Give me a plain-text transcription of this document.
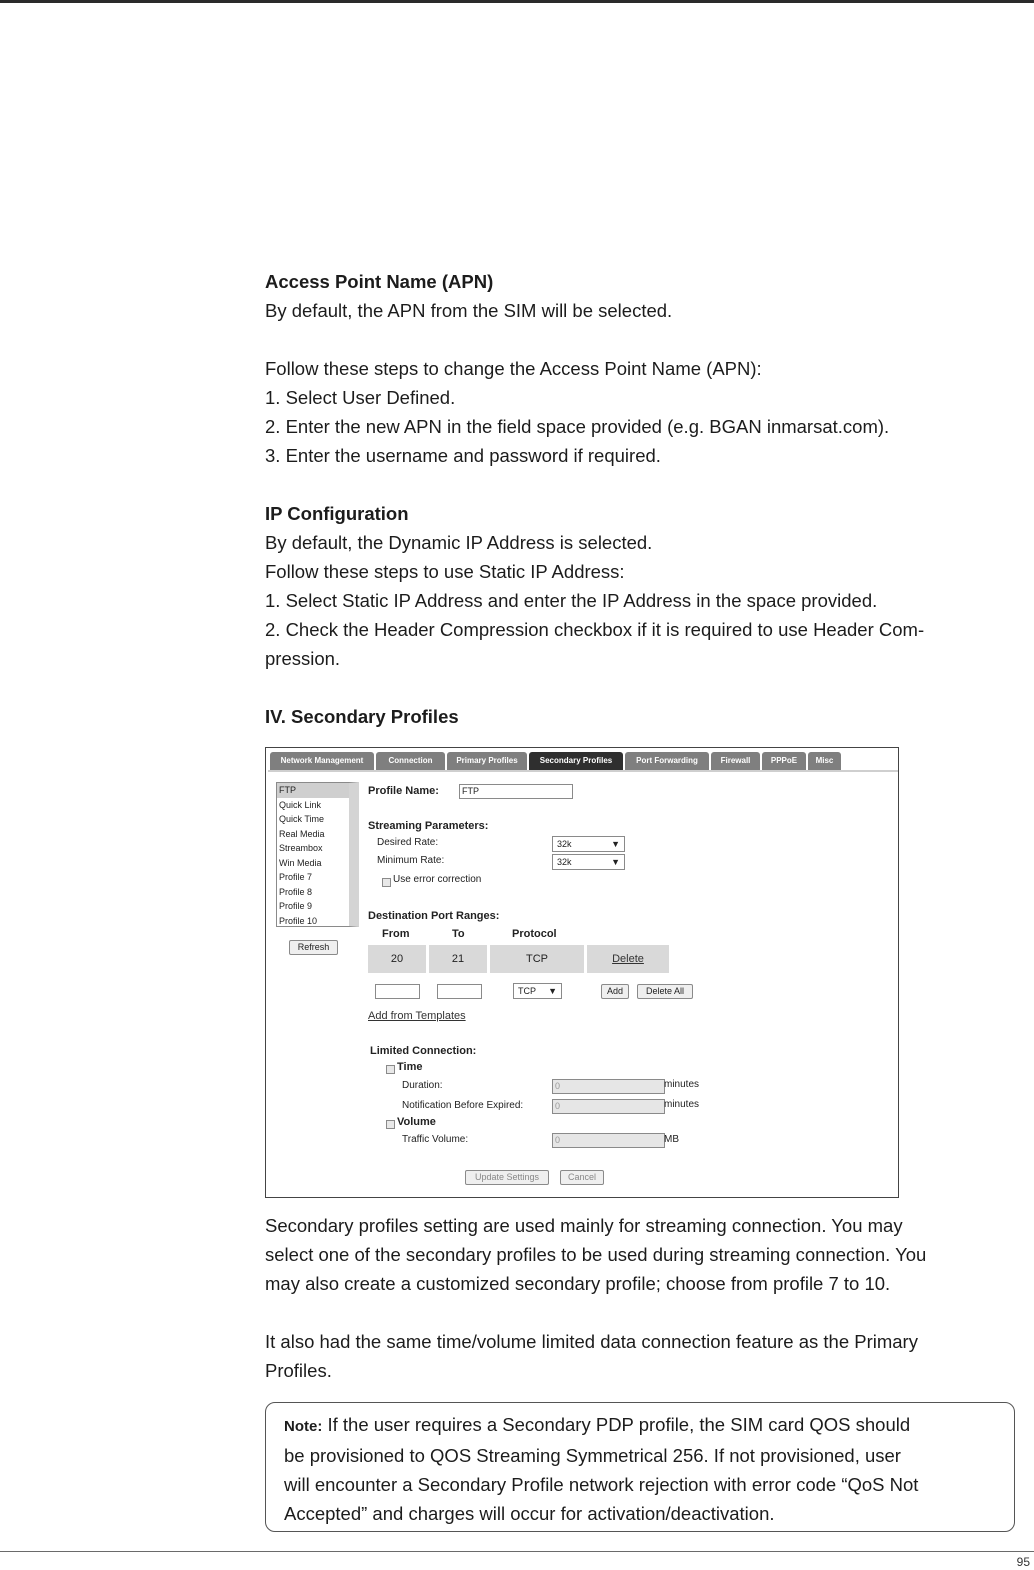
Access Point Name (APN)

By default, the APN from the SIM will be selected.

Follow these steps to change the Access Point Name (APN):

1. Select User Defined.

2. Enter the new APN in the field space provided (e.g. BGAN inmarsat.com).

3. Enter the username and password if required.

IP Configuration

By default, the Dynamic IP Address is selected.

Follow these steps to use Static IP Address:

1. Select Static IP Address and enter the IP Address in the space provided.

2. Check the Header Compression checkbox if it is required to use Header Com-

pression.

IV. Secondary Profiles

Network Management	Connection	Primary Profiles	Secondary Profiles	Port Forwarding	Firewall	PPPoE	Misc
FTP
Quick Link
Quick Time
Real Media
Streambox
Win Media
Profile 7
Profile 8
Profile 9
Profile 10
Refresh
Profile Name:	FTP
Streaming Parameters:
Desired Rate:	32k	▼
Minimum Rate:	32k	▼
Use error correction
Destination Port Ranges:
From	To	Protocol
20	21	TCP	Delete
TCP ▼	Add	Delete All
Add from Templates
Limited Connection:
Time
Duration:	0	minutes
Notification Before Expired:	0	minutes
Volume
Traffic Volume:	0	MB
Update Settings	Cancel

Secondary profiles setting are used mainly for streaming connection. You may

select one of the secondary profiles to be used during streaming connection. You

may also create a customized secondary profile; choose from profile 7 to 10.

It also had the same time/volume limited data connection feature as the Primary

Profiles.

Note: If the user requires a Secondary PDP profile, the SIM card QOS should
be provisioned to QOS Streaming Symmetrical 256. If not provisioned, user
will encounter a Secondary Profile network rejection with error code “QoS Not
Accepted” and charges will occur for activation/deactivation.
95
